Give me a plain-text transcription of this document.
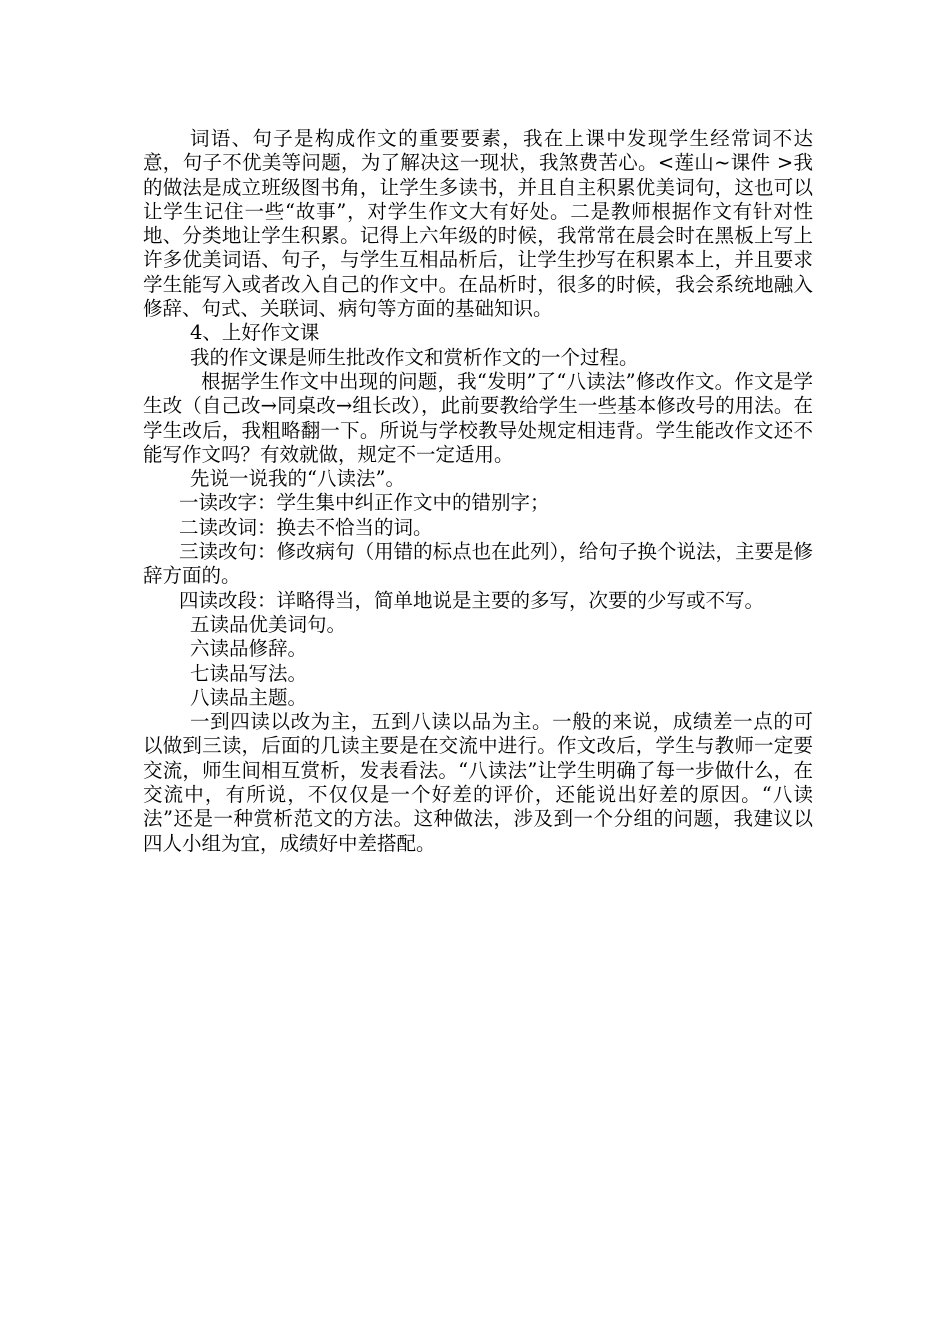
词语、句子是构成作文的重要要素，我在上课中发现学生经常词不达意，句子不优美等问题，为了解决这一现状，我煞费苦心。<莲山~课件 >我的做法是成立班级图书角，让学生多读书，并且自主积累优美词句，这也可以让学生记住一些“故事”，对学生作文大有好处。二是教师根据作文有针对性地、分类地让学生积累。记得上六年级的时候，我常常在晨会时在黑板上写上许多优美词语、句子，与学生互相品析后，让学生抄写在积累本上，并且要求学生能写入或者改入自己的作文中。在品析时，很多的时候，我会系统地融入修辞、句式、关联词、病句等方面的基础知识。

4、上好作文课

我的作文课是师生批改作文和赏析作文的一个过程。

根据学生作文中出现的问题，我“发明”了“八读法”修改作文。作文是学生改（自己改→同桌改→组长改），此前要教给学生一些基本修改号的用法。在学生改后，我粗略翻一下。所说与学校教导处规定相违背。学生能改作文还不能写作文吗？有效就做，规定不一定适用。

先说一说我的“八读法”。

一读改字：学生集中纠正作文中的错别字；

二读改词：换去不恰当的词。

三读改句：修改病句（用错的标点也在此列），给句子换个说法，主要是修辞方面的。

四读改段：详略得当，简单地说是主要的多写，次要的少写或不写。

五读品优美词句。

六读品修辞。

七读品写法。

八读品主题。

一到四读以改为主，五到八读以品为主。一般的来说，成绩差一点的可以做到三读，后面的几读主要是在交流中进行。作文改后，学生与教师一定要交流，师生间相互赏析，发表看法。“八读法”让学生明确了每一步做什么，在交流中，有所说，不仅仅是一个好差的评价，还能说出好差的原因。“八读法”还是一种赏析范文的方法。这种做法，涉及到一个分组的问题，我建议以四人小组为宜，成绩好中差搭配。
